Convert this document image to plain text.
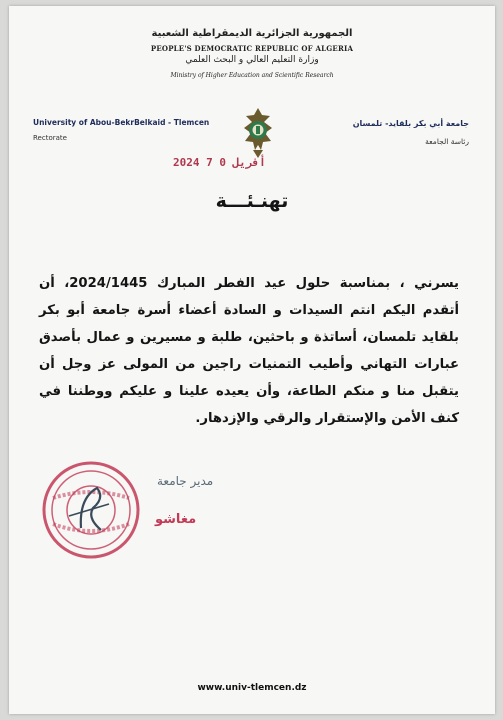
الجمهورية الجزائرية الديمقراطية الشعبية
PEOPLE'S DEMOCRATIC REPUBLIC OF ALGERIA
وزارة التعليم العالي و البحث العلمي
Ministry of Higher Education and Scientific Research
University of Abou-BekrBelkaid - Tlemcen
Rectorate
جامعة أبي بكر بلقايد- تلمسان
رئاسة الجامعة
2024 أفريل 0 7
تهنـئـــة
يسرني ، بمناسبة حلول عيد الفطر المبارك 2024/1445، أن أتقدم اليكم انتم السيدات و السادة أعضاء أسرة جامعة أبو بكر بلقايد تلمسان، أساتذة و باحثين، طلبة و مسيرين و عمال بأصدق عبارات التهاني وأطيب التمنيات راجين من المولى عز وجل أن يتقبل منا و منكم الطاعة، وأن يعيده علينا و عليكم ووطننا في كنف الأمن والإستقرار والرقي والإزدهار.
مدير جامعة
مغاشو
www.univ-tlemcen.dz
